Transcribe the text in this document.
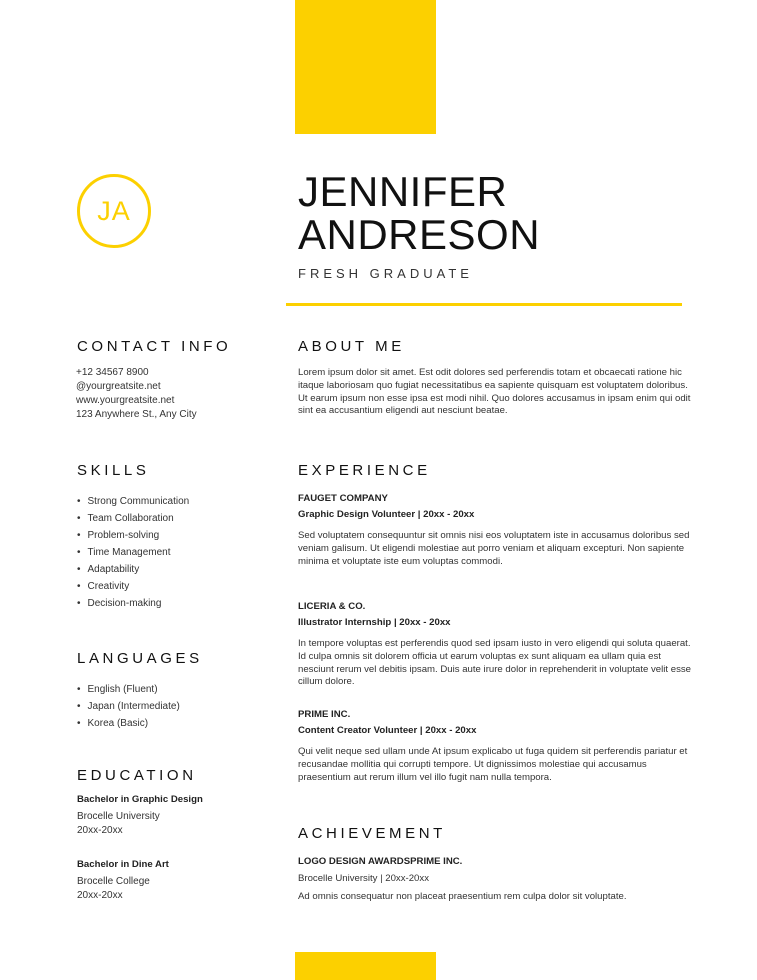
JA	JENNIFER
ANDRESON
FRESH GRADUATE
CONTACT INFO
+12 34567 8900
@yourgreatsite.net
www.yourgreatsite.net
123 Anywhere St., Any City
SKILLS
• Strong Communication
• Team Collaboration
• Problem-solving
• Time Management
• Adaptability
• Creativity
• Decision-making
LANGUAGES
• English (Fluent)
• Japan (Intermediate)
• Korea (Basic)
EDUCATION
Bachelor in Graphic Design
Brocelle University
20xx-20xx
Bachelor in Dine Art
Brocelle College
20xx-20xx
ABOUT ME
Lorem ipsum dolor sit amet. Est odit dolores sed perferendis totam et obcaecati ratione hic itaque laboriosam quo fugiat necessitatibus ea sapiente quisquam est voluptatem doloribus. Ut earum ipsum non esse ipsa est modi nihil. Quo dolores accusamus in ipsam enim qui odit sint ea accusantium eligendi aut nesciunt beatae.
EXPERIENCE
FAUGET COMPANY
Graphic Design Volunteer | 20xx - 20xx
Sed voluptatem consequuntur sit omnis nisi eos voluptatem iste in accusamus doloribus sed veniam galisum. Ut eligendi molestiae aut porro veniam et aliquam excepturi. Non sapiente minima et voluptate iste eum voluptas commodi.
LICERIA & CO.
Illustrator Internship | 20xx - 20xx
In tempore voluptas est perferendis quod sed ipsam iusto in vero eligendi qui soluta quaerat. Id culpa omnis sit dolorem officia ut earum voluptas ex sunt aliquam ea ullam quia est nesciunt rerum vel debitis ipsam. Duis aute irure dolor in reprehenderit in voluptate velit esse cillum dolore.
PRIME INC.
Content Creator Volunteer | 20xx - 20xx
Qui velit neque sed ullam unde At ipsum explicabo ut fuga quidem sit perferendis pariatur et recusandae mollitia qui corrupti tempore. Ut dignissimos molestiae qui accusamus praesentium aut rerum illum vel illo fugit nam nulla tempora.
ACHIEVEMENT
LOGO DESIGN AWARDSPRIME INC.
Brocelle University | 20xx-20xx
Ad omnis consequatur non placeat praesentium rem culpa dolor sit voluptate.
